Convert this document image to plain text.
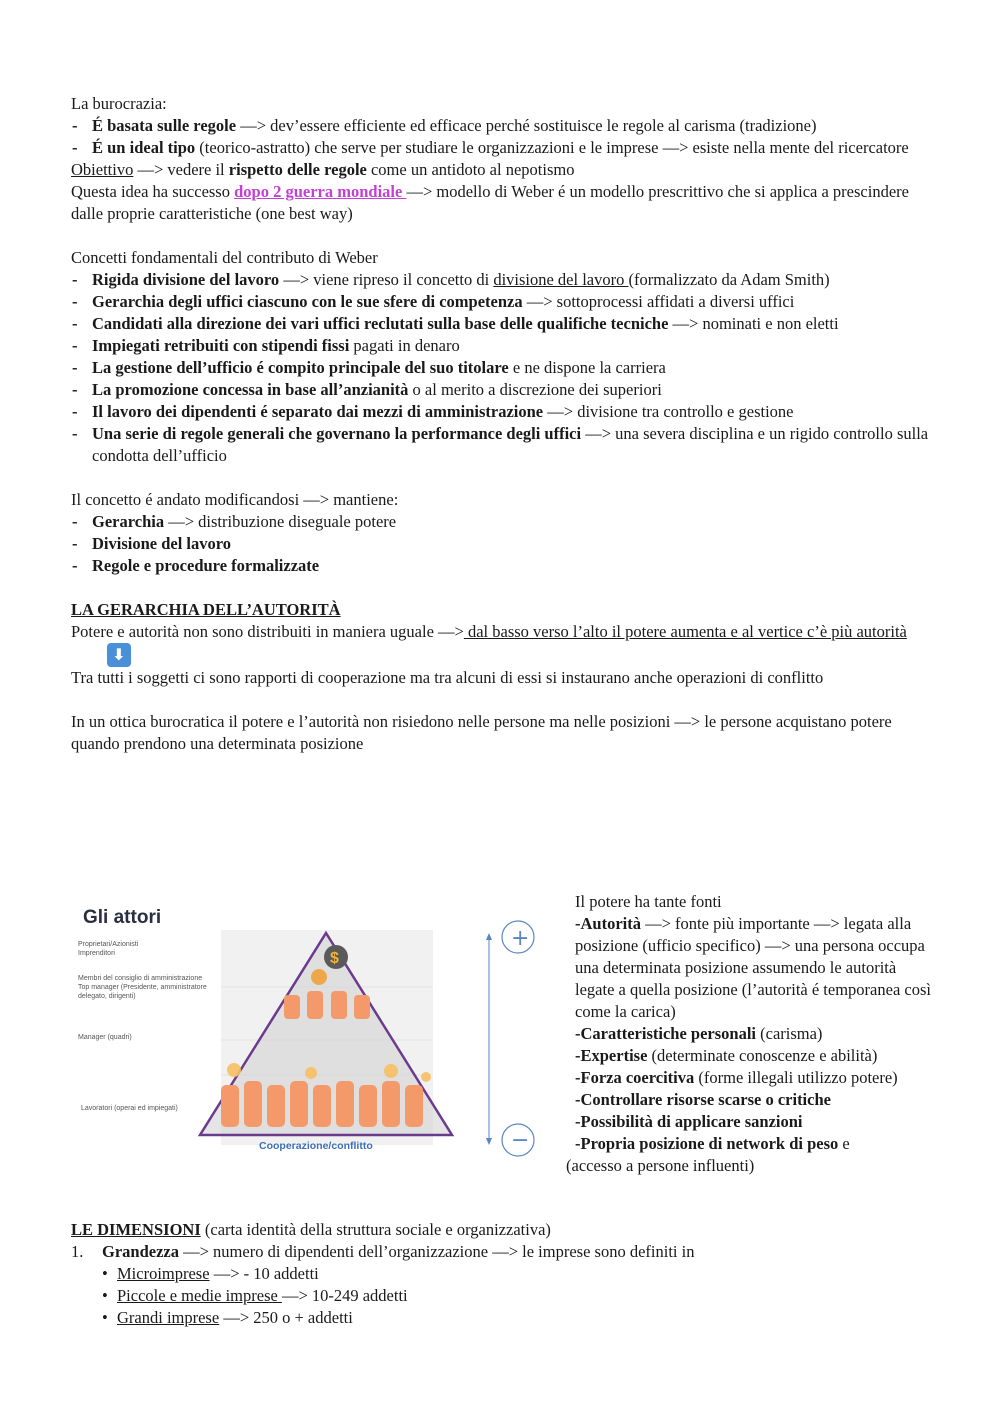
La burocrazia:

- É basata sulle regole —> dev’essere efficiente ed efficace perché sostituisce le regole al carisma (tradizione)
- É un ideal tipo (teorico-astratto) che serve per studiare le organizzazioni e le imprese —> esiste nella mente del ricercatore

Obiettivo —> vedere il rispetto delle regole come un antidoto al nepotismo

Questa idea ha successo dopo 2 guerra mondiale —> modello di Weber é un modello prescrittivo che si applica a prescindere dalle proprie caratteristiche (one best way)

Concetti fondamentali del contributo di Weber

- Rigida divisione del lavoro —> viene ripreso il concetto di divisione del lavoro (formalizzato da Adam Smith)
- Gerarchia degli uffici ciascuno con le sue sfere di competenza —> sottoprocessi affidati a diversi uffici
- Candidati alla direzione dei vari uffici reclutati sulla base delle qualifiche tecniche —> nominati e non eletti
- Impiegati retribuiti con stipendi fissi pagati in denaro
- La gestione dell’ufficio é compito principale del suo titolare e ne dispone la carriera
- La promozione concessa in base all’anzianità o al merito a discrezione dei superiori
- Il lavoro dei dipendenti é separato dai mezzi di amministrazione —> divisione tra controllo e gestione
- Una serie di regole generali che governano la performance degli uffici —> una severa disciplina e un rigido controllo sulla condotta dell’ufficio

Il concetto é andato modificandosi —> mantiene:

- Gerarchia —> distribuzione diseguale potere
- Divisione del lavoro
- Regole e procedure formalizzate

LA GERARCHIA DELL’AUTORITÀ

Potere e autorità non sono distribuiti in maniera uguale —> dal basso verso l’alto il potere aumenta e al vertice c’è più autorità

⬇

Tra tutti i soggetti ci sono rapporti di cooperazione ma tra alcuni di essi si instaurano anche operazioni di conflitto

In un ottica burocratica il potere e l’autorità non risiedono nelle persone ma nelle posizioni —> le persone acquistano potere quando prendono una determinata posizione

Gli attori
Proprietari/Azionisti
Imprenditori
Membri del consiglio di amministrazione
Top manager (Presidente, amministratore delegato, dirigenti)
Manager (quadri)
Lavoratori (operai ed impiegati)
$
+
−
Cooperazione/conflitto

Il potere ha tante fonti

-Autorità —> fonte più importante —> legata alla posizione (ufficio specifico) —> una persona occupa una determinata posizione assumendo le autorità legate a quella posizione (l’autorità é temporanea così come la carica)

-Caratteristiche personali (carisma)

-Expertise (determinate conoscenze e abilità)

-Forza coercitiva (forme illegali utilizzo potere)

-Controllare risorse scarse o critiche

-Possibilità di applicare sanzioni

-Propria posizione di network di peso e

(accesso a persone influenti)

LE DIMENSIONI (carta identità della struttura sociale e organizzativa)

1. Grandezza —> numero di dipendenti dell’organizzazione —> le imprese sono definiti in

• Microimprese —> - 10 addetti
• Piccole e medie imprese —> 10-249 addetti
• Grandi imprese —> 250 o + addetti
